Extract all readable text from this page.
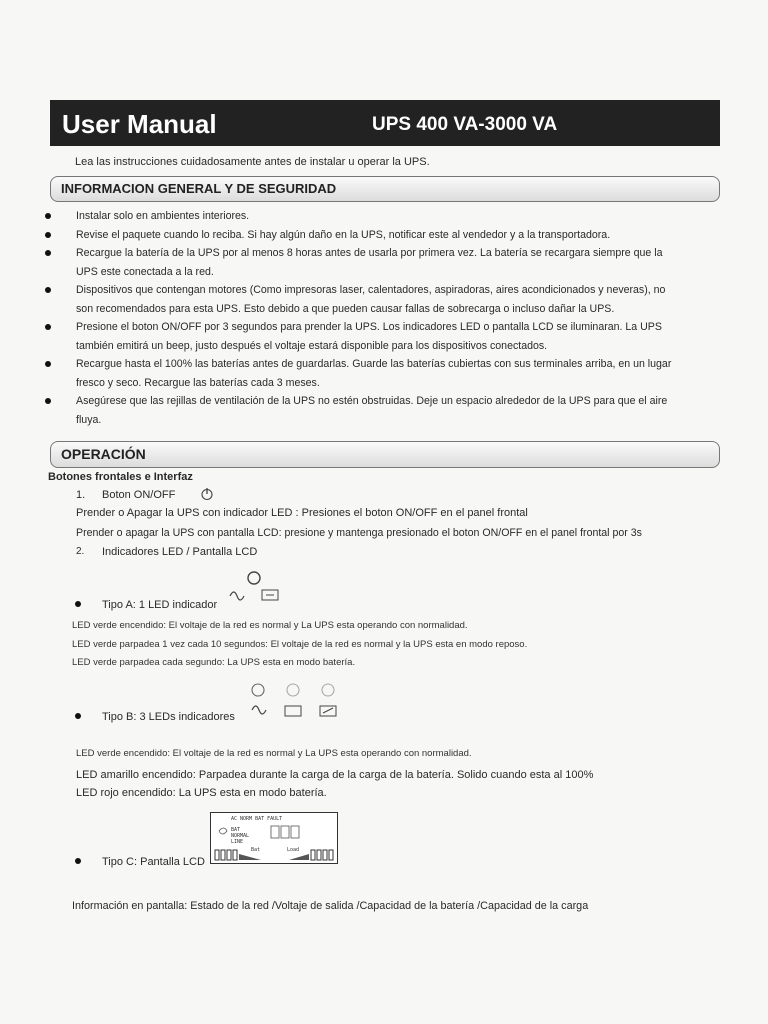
User Manual	UPS 400 VA-3000 VA
Lea las instrucciones cuidadosamente antes de instalar u operar la UPS.
INFORMACION GENERAL Y DE SEGURIDAD
Instalar solo en ambientes interiores.
Revise el paquete cuando lo reciba. Si hay algún daño en la UPS, notificar este al vendedor y a la transportadora.
Recargue la batería de la UPS por al menos 8 horas antes de usarla por primera vez. La batería se recargara siempre que la
UPS este conectada a la red.
Dispositivos que contengan motores (Como impresoras laser, calentadores, aspiradoras, aires acondicionados y neveras), no
son recomendados para esta UPS. Esto debido a que pueden causar fallas de sobrecarga o incluso dañar la UPS.
Presione el boton ON/OFF por 3 segundos para prender la UPS. Los indicadores LED o pantalla LCD se iluminaran. La UPS
también emitirá un beep, justo después el voltaje estará disponible para los dispositivos conectados.
Recargue hasta el 100% las baterías antes de guardarlas. Guarde las baterías cubiertas con sus terminales arriba, en un lugar
fresco y seco. Recargue las baterías cada 3 meses.
Asegúrese que las rejillas de ventilación de la UPS no estén obstruidas. Deje un espacio alrededor de la UPS para que el aire
fluya.
OPERACIÓN
Botones frontales e Interfaz
1. Boton ON/OFF
Prender o Apagar la UPS con indicador LED : Presiones el boton ON/OFF en el panel frontal
Prender o apagar la UPS con pantalla LCD: presione y mantenga presionado el boton ON/OFF en el panel frontal por 3s
2. Indicadores LED / Pantalla LCD
Tipo A: 1 LED indicador
LED verde encendido: El voltaje de la red es normal y La UPS esta operando con normalidad.
LED verde parpadea 1 vez cada 10 segundos: El voltaje de la red es normal y la UPS esta en modo reposo.
LED verde parpadea cada segundo: La UPS esta en modo batería.
Tipo B: 3 LEDs indicadores
LED verde encendido: El voltaje de la red es normal y La UPS esta operando con normalidad.
LED amarillo encendido: Parpadea durante la carga de la carga de la batería. Solido cuando esta al 100%
LED rojo encendido: La UPS esta en modo batería.
AC NORM BAT FAULT
BAT
NORMAL
LINE
Bat	Load
Tipo C: Pantalla LCD
Información en pantalla: Estado de la red /Voltaje de salida /Capacidad de la batería /Capacidad de la carga
